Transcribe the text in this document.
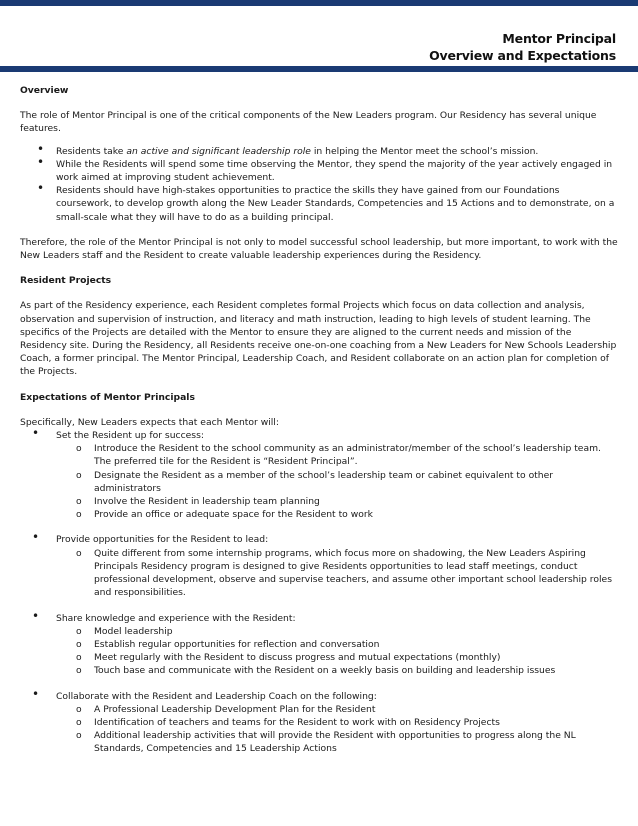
Mentor Principal
Overview and Expectations

Overview

The role of Mentor Principal is one of the critical components of the New Leaders program. Our Residency has several unique features.

• Residents take an active and significant leadership role in helping the Mentor meet the school’s mission.
• While the Residents will spend some time observing the Mentor, they spend the majority of the year actively engaged in work aimed at improving student achievement.
• Residents should have high-stakes opportunities to practice the skills they have gained from our Foundations coursework, to develop growth along the New Leader Standards, Competencies and 15 Actions and to demonstrate, on a small-scale what they will have to do as a building principal.

Therefore, the role of the Mentor Principal is not only to model successful school leadership, but more important, to work with the New Leaders staff and the Resident to create valuable leadership experiences during the Residency.

Resident Projects

As part of the Residency experience, each Resident completes formal Projects which focus on data collection and analysis, observation and supervision of instruction, and literacy and math instruction, leading to high levels of student learning. The specifics of the Projects are detailed with the Mentor to ensure they are aligned to the current needs and mission of the Residency site. During the Residency, all Residents receive one-on-one coaching from a New Leaders for New Schools Leadership Coach, a former principal. The Mentor Principal, Leadership Coach, and Resident collaborate on an action plan for completion of the Projects.

Expectations of Mentor Principals

Specifically, New Leaders expects that each Mentor will:

• Set the Resident up for success:
o Introduce the Resident to the school community as an administrator/member of the school’s leadership team. The preferred tile for the Resident is “Resident Principal”.
o Designate the Resident as a member of the school’s leadership team or cabinet equivalent to other administrators
o Involve the Resident in leadership team planning
o Provide an office or adequate space for the Resident to work
• Provide opportunities for the Resident to lead:
o Quite different from some internship programs, which focus more on shadowing, the New Leaders Aspiring Principals Residency program is designed to give Residents opportunities to lead staff meetings, conduct professional development, observe and supervise teachers, and assume other important school leadership roles and responsibilities.
• Share knowledge and experience with the Resident:
o Model leadership
o Establish regular opportunities for reflection and conversation
o Meet regularly with the Resident to discuss progress and mutual expectations (monthly)
o Touch base and communicate with the Resident on a weekly basis on building and leadership issues
• Collaborate with the Resident and Leadership Coach on the following:
o A Professional Leadership Development Plan for the Resident
o Identification of teachers and teams for the Resident to work with on Residency Projects
o Additional leadership activities that will provide the Resident with opportunities to progress along the NL Standards, Competencies and 15 Leadership Actions
